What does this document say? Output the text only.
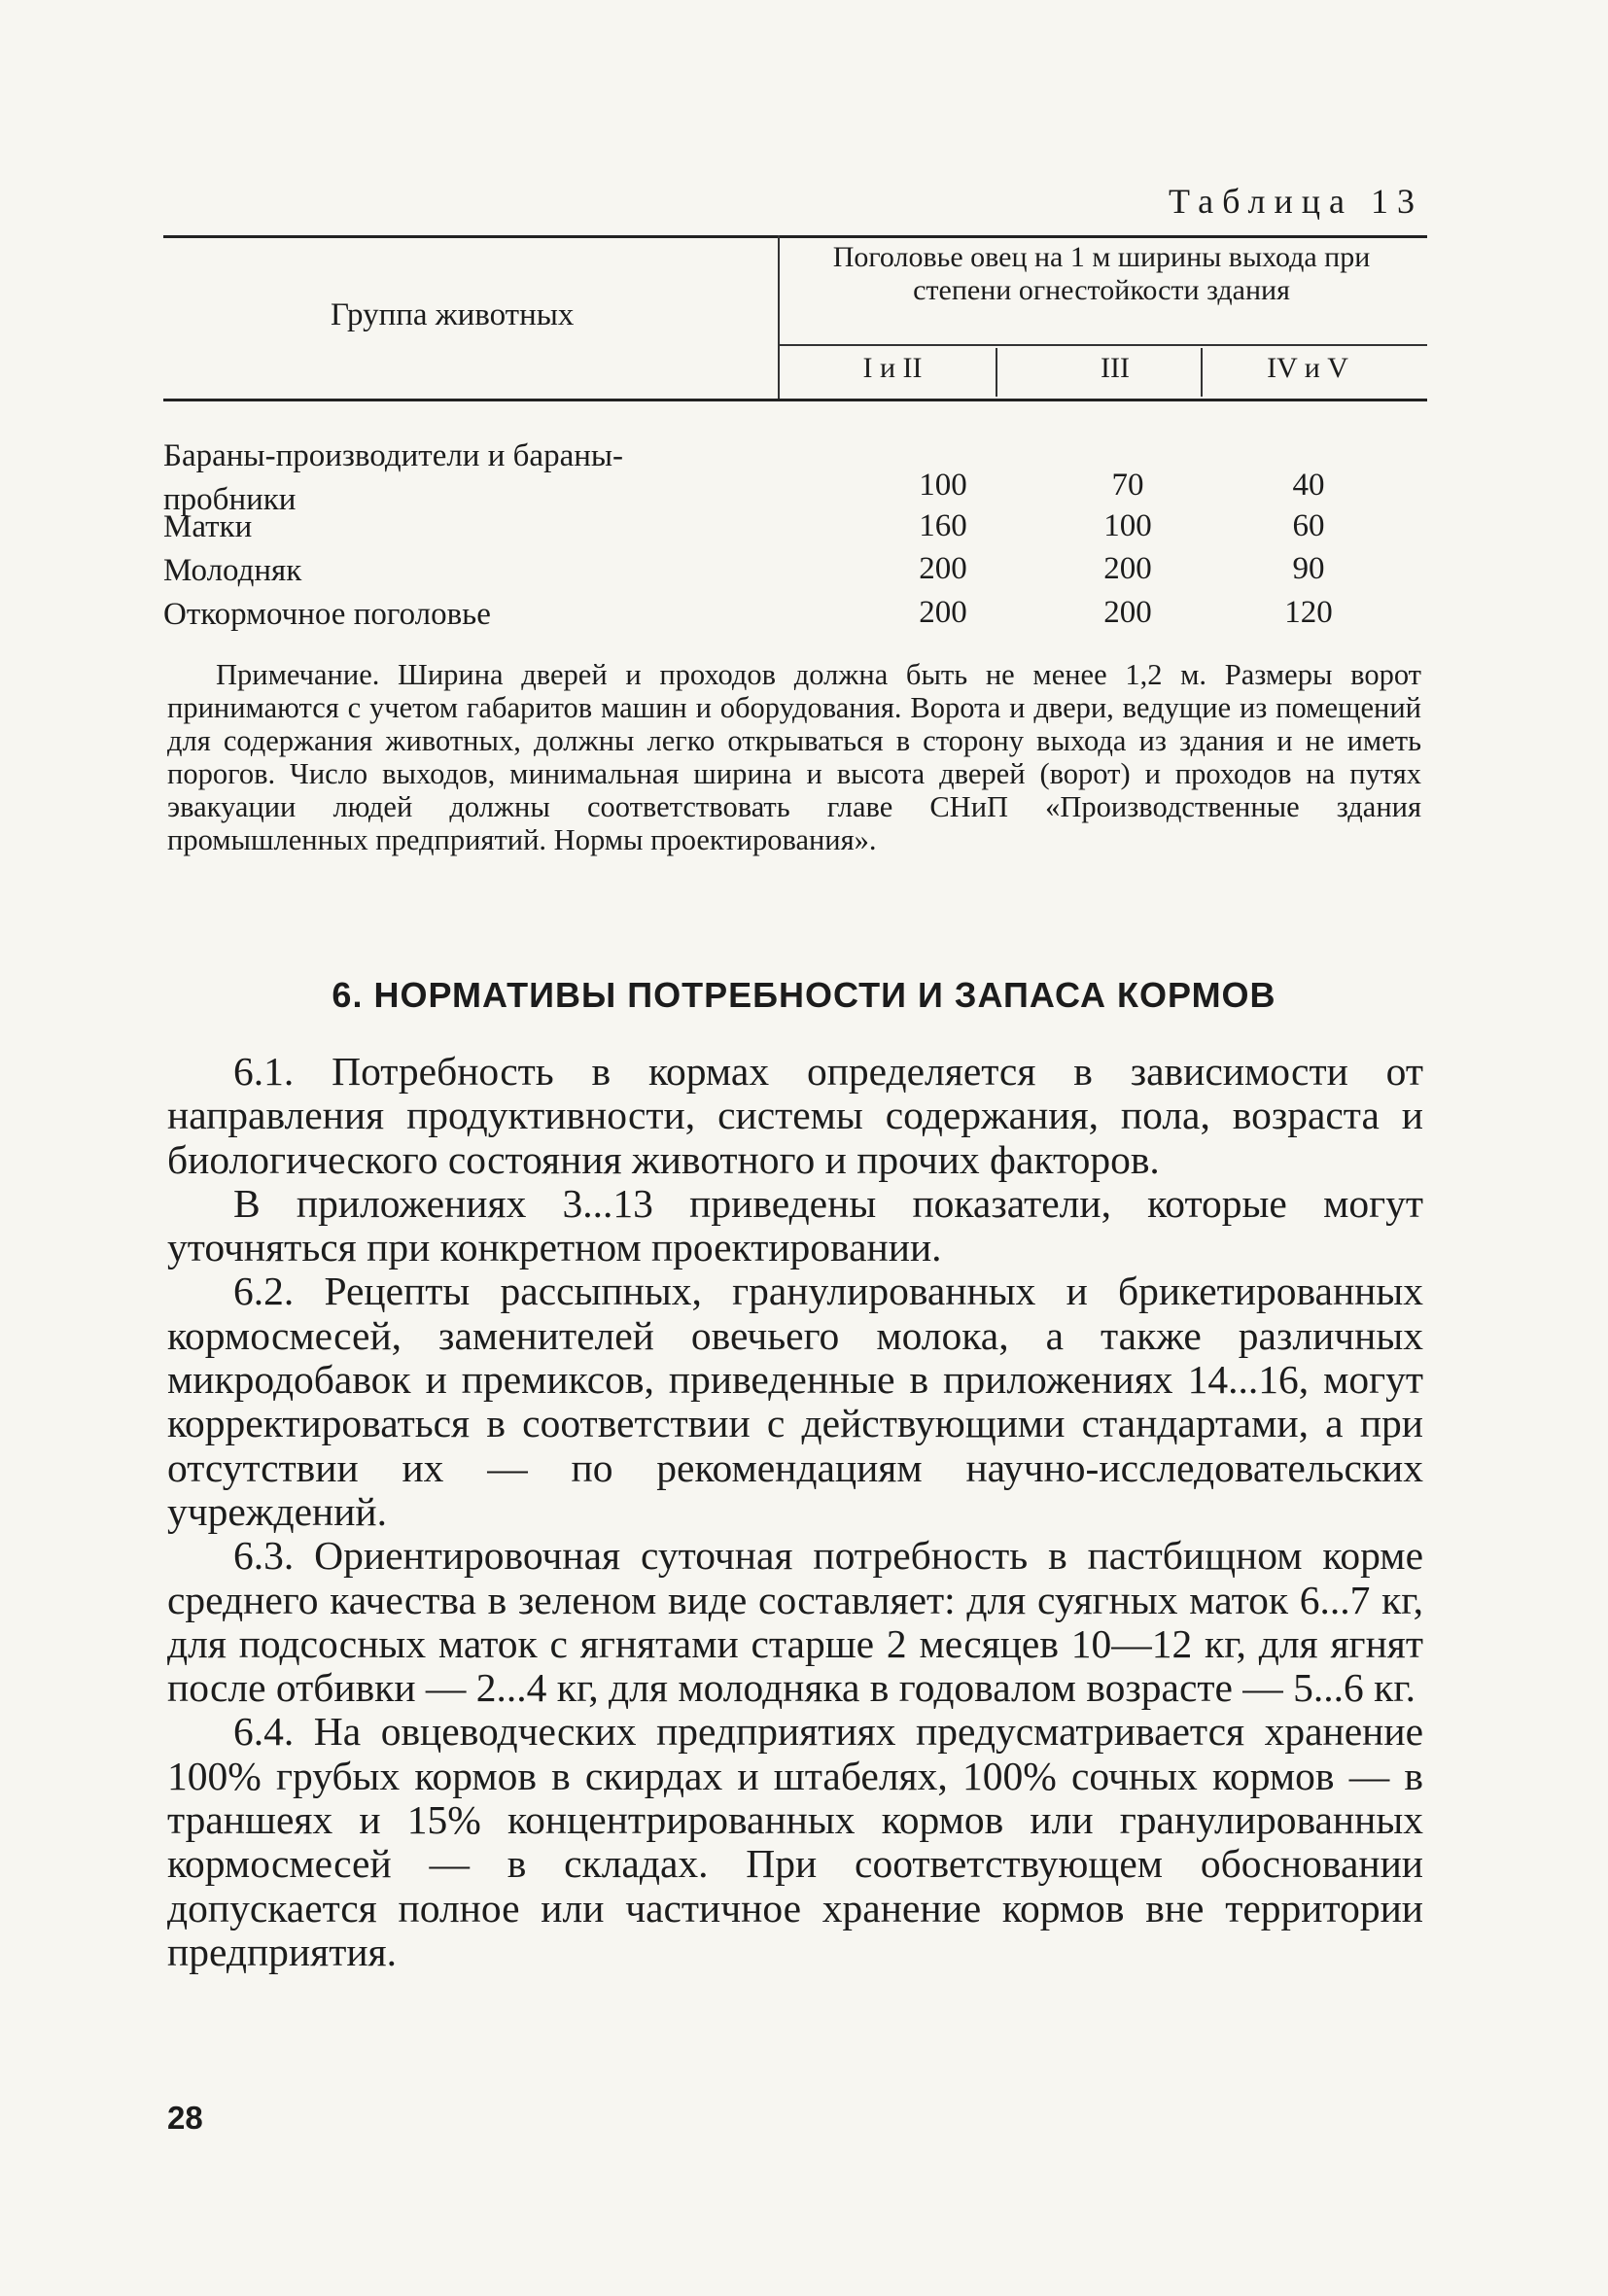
Таблица 13
Группа животных
Поголовье овец на 1 м ширины выхода при степени огнестойкости здания
I и II	III	IV и V
Бараны-производители и бараны-пробники	100	70	40
Матки	160	100	60
Молодняк	200	200	90
Откормочное поголовье	200	200	120

Примечание. Ширина дверей и проходов должна быть не менее 1,2 м. Размеры ворот принимаются с учетом габаритов машин и оборудования. Ворота и двери, ведущие из помещений для содержания животных, должны легко открываться в сторону выхода из здания и не иметь порогов. Число выходов, минимальная ширина и высота дверей (ворот) и проходов на путях эвакуации людей должны соответствовать главе СНиП «Производственные здания промышленных предприятий. Нормы проектирования».

6. НОРМАТИВЫ ПОТРЕБНОСТИ И ЗАПАСА КОРМОВ

6.1. Потребность в кормах определяется в зависимости от направления продуктивности, системы содержания, пола, возраста и биологического состояния животного и прочих факторов.

В приложениях 3...13 приведены показатели, которые могут уточняться при конкретном проектировании.

6.2. Рецепты рассыпных, гранулированных и брикетированных кормосмесей, заменителей овечьего молока, а также различных микродобавок и премиксов, приведенные в приложениях 14...16, могут корректироваться в соответствии с действующими стандартами, а при отсутствии их — по рекомендациям научно-исследовательских учреждений.

6.3. Ориентировочная суточная потребность в пастбищном корме среднего качества в зеленом виде составляет: для суягных маток 6...7 кг, для подсосных маток с ягнятами старше 2 месяцев 10—12 кг, для ягнят после отбивки — 2...4 кг, для молодняка в годовалом возрасте — 5...6 кг.

6.4. На овцеводческих предприятиях предусматривается хранение 100% грубых кормов в скирдах и штабелях, 100% сочных кормов — в траншеях и 15% концентрированных кормов или гранулированных кормосмесей — в складах. При соответствующем обосновании допускается полное или частичное хранение кормов вне территории предприятия.

28
